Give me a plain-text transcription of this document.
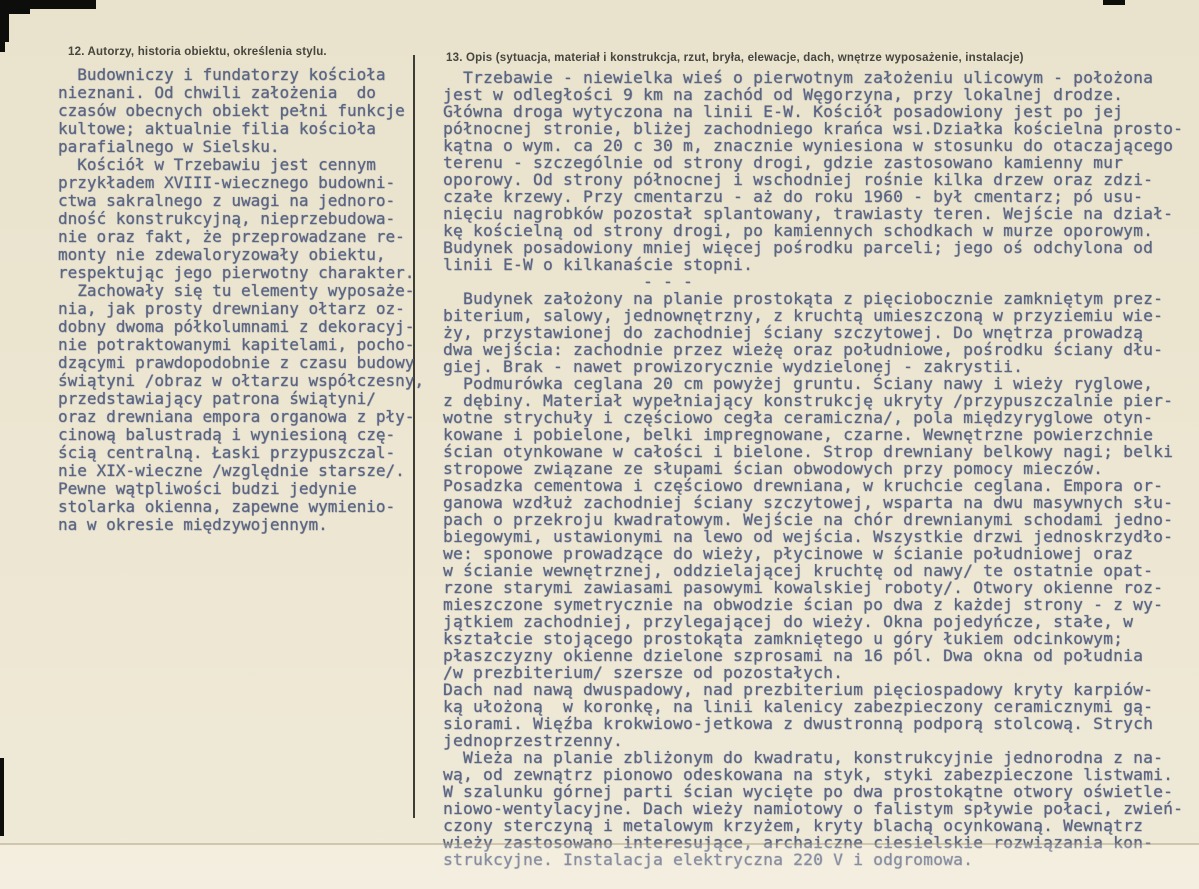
12. Autorzy, historia obiektu, określenia stylu.
Budowniczy i fundatorzy kościoła
nieznani. Od chwili założenia  do
czasów obecnych obiekt pełni funkcje
kultowe; aktualnie filia kościoła
parafialnego w Sielsku.
Kościół w Trzebawiu jest cennym
przykładem XVIII-wiecznego budowni-
ctwa sakralnego z uwagi na jednoro-
dność konstrukcyjną, nieprzebudowa-
nie oraz fakt, że przeprowadzane re-
monty nie zdewaloryzowały obiektu,
respektując jego pierwotny charakter.
Zachowały się tu elementy wyposaże-
nia, jak prosty drewniany ołtarz oz-
dobny dwoma półkolumnami z dekoracyj-
nie potraktowanymi kapitelami, pocho-
dzącymi prawdopodobnie z czasu budowy
świątyni /obraz w ołtarzu współczesny,
przedstawiający patrona świątyni/
oraz drewniana empora organowa z pły-
cinową balustradą i wyniesioną czę-
ścią centralną. Łaski przypuszczal-
nie XIX-wieczne /względnie starsze/.
Pewne wątpliwości budzi jedynie
stolarka okienna, zapewne wymienio-
na w okresie międzywojennym.
13. Opis (sytuacja, materiał i konstrukcja, rzut, bryła, elewacje, dach, wnętrze wyposażenie, instalacje)
Trzebawie - niewielka wieś o pierwotnym założeniu ulicowym - położona
jest w odległości 9 km na zachód od Węgorzyna, przy lokalnej drodze.
Główna droga wytyczona na linii E-W. Kościół posadowiony jest po jej
północnej stronie, bliżej zachodniego krańca wsi.Działka kościelna prosto-
kątna o wym. ca 20 c 30 m, znacznie wyniesiona w stosunku do otaczającego
terenu - szczególnie od strony drogi, gdzie zastosowano kamienny mur
oporowy. Od strony północnej i wschodniej rośnie kilka drzew oraz zdzi-
czałe krzewy. Przy cmentarzu - aż do roku 1960 - był cmentarz; pó usu-
nięciu nagrobków pozostał splantowany, trawiasty teren. Wejście na dział-
kę kościelną od strony drogi, po kamiennych schodkach w murze oporowym.
Budynek posadowiony mniej więcej pośrodku parceli; jego oś odchylona od
linii E-W o kilkanaście stopni.
- - -
Budynek założony na planie prostokąta z pięciobocznie zamkniętym prez-
biterium, salowy, jednownętrzny, z kruchtą umieszczoną w przyziemiu wie-
ży, przystawionej do zachodniej ściany szczytowej. Do wnętrza prowadzą
dwa wejścia: zachodnie przez wieżę oraz południowe, pośrodku ściany dłu-
giej. Brak - nawet prowizorycznie wydzielonej - zakrystii.
Podmurówka ceglana 20 cm powyżej gruntu. Ściany nawy i wieży ryglowe,
z dębiny. Materiał wypełniający konstrukcję ukryty /przypuszczalnie pier-
wotne strychuły i częściowo cegła ceramiczna/, pola międzyryglowe otyn-
kowane i pobielone, belki impregnowane, czarne. Wewnętrzne powierzchnie
ścian otynkowane w całości i bielone. Strop drewniany belkowy nagi; belki
stropowe związane ze słupami ścian obwodowych przy pomocy mieczów.
Posadzka cementowa i częściowo drewniana, w kruchcie ceglana. Empora or-
ganowa wzdłuż zachodniej ściany szczytowej, wsparta na dwu masywnych słu-
pach o przekroju kwadratowym. Wejście na chór drewnianymi schodami jedno-
biegowymi, ustawionymi na lewo od wejścia. Wszystkie drzwi jednoskrzydło-
we: sponowe prowadzące do wieży, płycinowe w ścianie południowej oraz
w ścianie wewnętrznej, oddzielającej kruchtę od nawy/ te ostatnie opat-
rzone starymi zawiasami pasowymi kowalskiej roboty/. Otwory okienne roz-
mieszczone symetrycznie na obwodzie ścian po dwa z każdej strony - z wy-
jątkiem zachodniej, przylegającej do wieży. Okna pojedyńcze, stałe, w
kształcie stojącego prostokąta zamkniętego u góry łukiem odcinkowym;
płaszczyzny okienne dzielone szprosami na 16 pól. Dwa okna od południa
/w prezbiterium/ szersze od pozostałych.
Dach nad nawą dwuspadowy, nad prezbiterium pięciospadowy kryty karpiów-
ką ułożoną  w koronkę, na linii kalenicy zabezpieczony ceramicznymi gą-
siorami. Więźba krokwiowo-jetkowa z dwustronną podporą stolcową. Strych
jednoprzestrzenny.
Wieża na planie zbliżonym do kwadratu, konstrukcyjnie jednorodna z na-
wą, od zewnątrz pionowo odeskowana na styk, styki zabezpieczone listwami.
W szalunku górnej parti ścian wycięte po dwa prostokątne otwory oświetle-
niowo-wentylacyjne. Dach wieży namiotowy o falistym spływie połaci, zwień-
czony sterczyną i metalowym krzyżem, kryty blachą ocynkowaną. Wewnątrz
wieży zastosowano interesujące, archaiczne ciesielskie rozwiązania kon-
strukcyjne. Instalacja elektryczna 220 V i odgromowa.
